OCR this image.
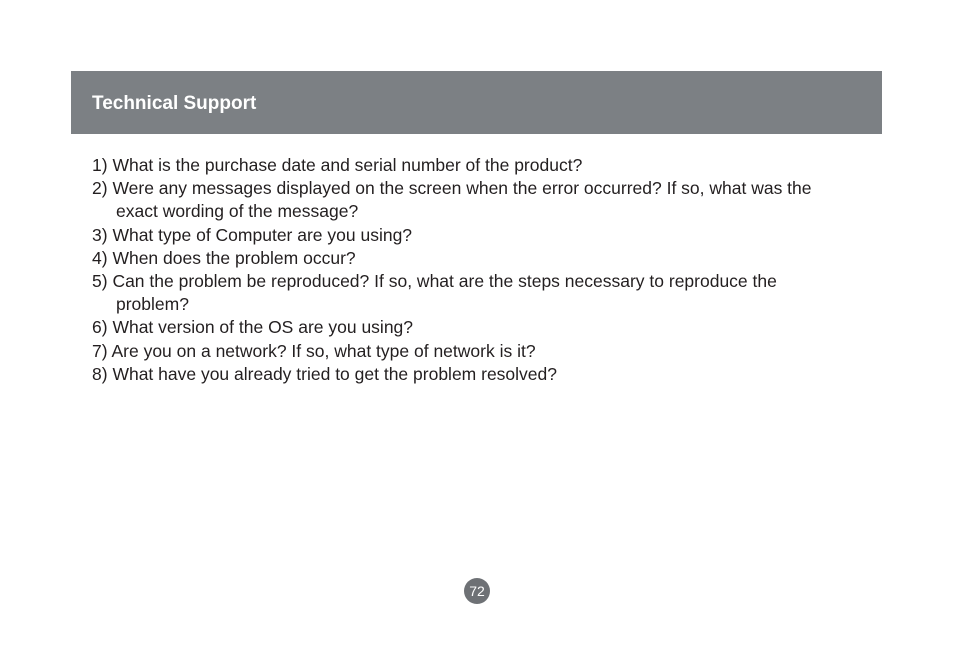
Technical Support
1) What is the purchase date and serial number of the product?
2) Were any messages displayed on the screen when the error occurred? If so, what was the exact wording of the message?
3) What type of Computer are you using?
4) When does the problem occur?
5) Can the problem be reproduced? If so, what are the steps necessary to reproduce the problem?
6) What version of the OS are you using?
7) Are you on a network? If so, what type of network is it?
8) What have you already tried to get the problem resolved?
72
